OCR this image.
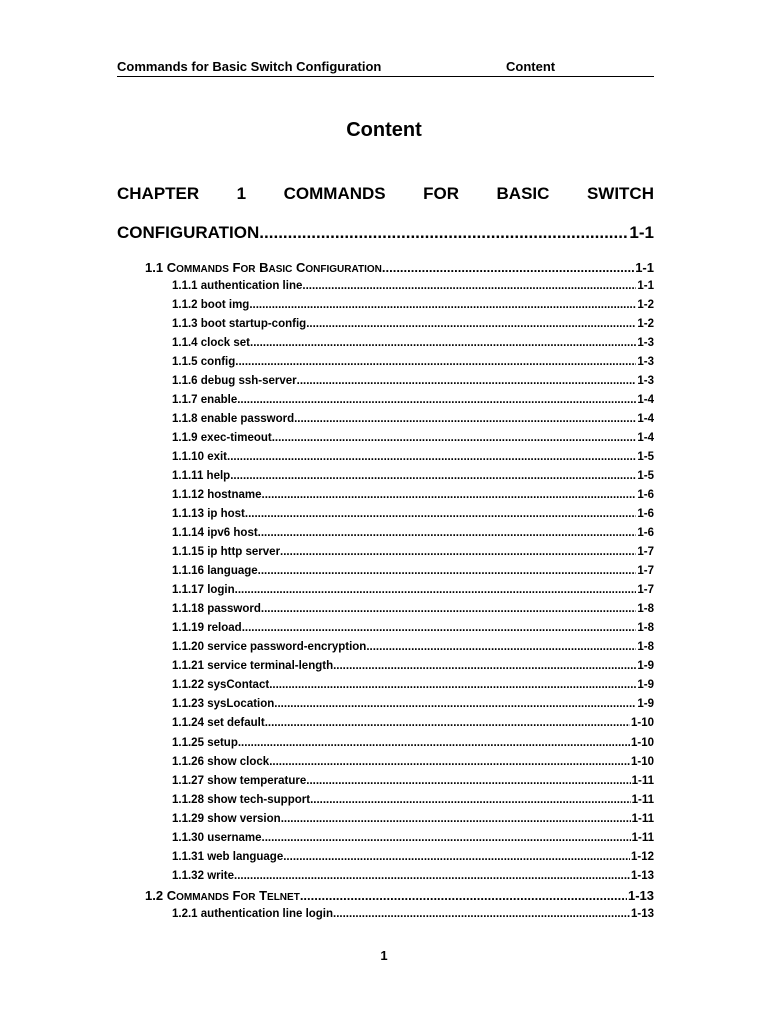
Commands for Basic Switch Configuration	Content
Content
CHAPTER 1 COMMANDS FOR BASIC SWITCH
CONFIGURATION .....	1-1
1.1 COMMANDS FOR BASIC CONFIGURATION .....	1-1
1.1.1 authentication line .....	1-1
1.1.2 boot img .....	1-2
1.1.3 boot startup-config .....	1-2
1.1.4 clock set .....	1-3
1.1.5 config .....	1-3
1.1.6 debug ssh-server .....	1-3
1.1.7 enable .....	1-4
1.1.8 enable password .....	1-4
1.1.9 exec-timeout .....	1-4
1.1.10 exit .....	1-5
1.1.11 help .....	1-5
1.1.12 hostname .....	1-6
1.1.13 ip host .....	1-6
1.1.14 ipv6 host .....	1-6
1.1.15 ip http server .....	1-7
1.1.16 language .....	1-7
1.1.17 login .....	1-7
1.1.18 password .....	1-8
1.1.19 reload .....	1-8
1.1.20 service password-encryption .....	1-8
1.1.21 service terminal-length .....	1-9
1.1.22 sysContact .....	1-9
1.1.23 sysLocation .....	1-9
1.1.24 set default .....	1-10
1.1.25 setup .....	1-10
1.1.26 show clock .....	1-10
1.1.27 show temperature .....	1-11
1.1.28 show tech-support .....	1-11
1.1.29 show version .....	1-11
1.1.30 username .....	1-11
1.1.31 web language .....	1-12
1.1.32 write .....	1-13
1.2 COMMANDS FOR TELNET .....	1-13
1.2.1 authentication line login .....	1-13
1
